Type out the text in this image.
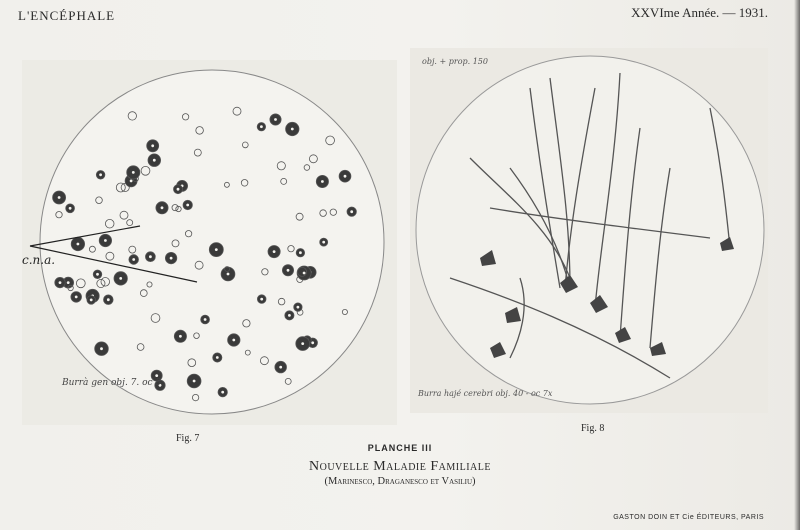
L'ENCÉPHALE	XXVIme Année. — 1931.
c.n.a.
Burrà gen obj. 7. oc 3
obj. + prop. 150
Burra hajé cerebri obj. 40 - oc 7x
Fig. 7
Fig. 8
PLANCHE III
Nouvelle Maladie Familiale
(Marinesco, Draganesco et Vasiliu)
GASTON DOIN ET Cie ÉDITEURS, PARIS
